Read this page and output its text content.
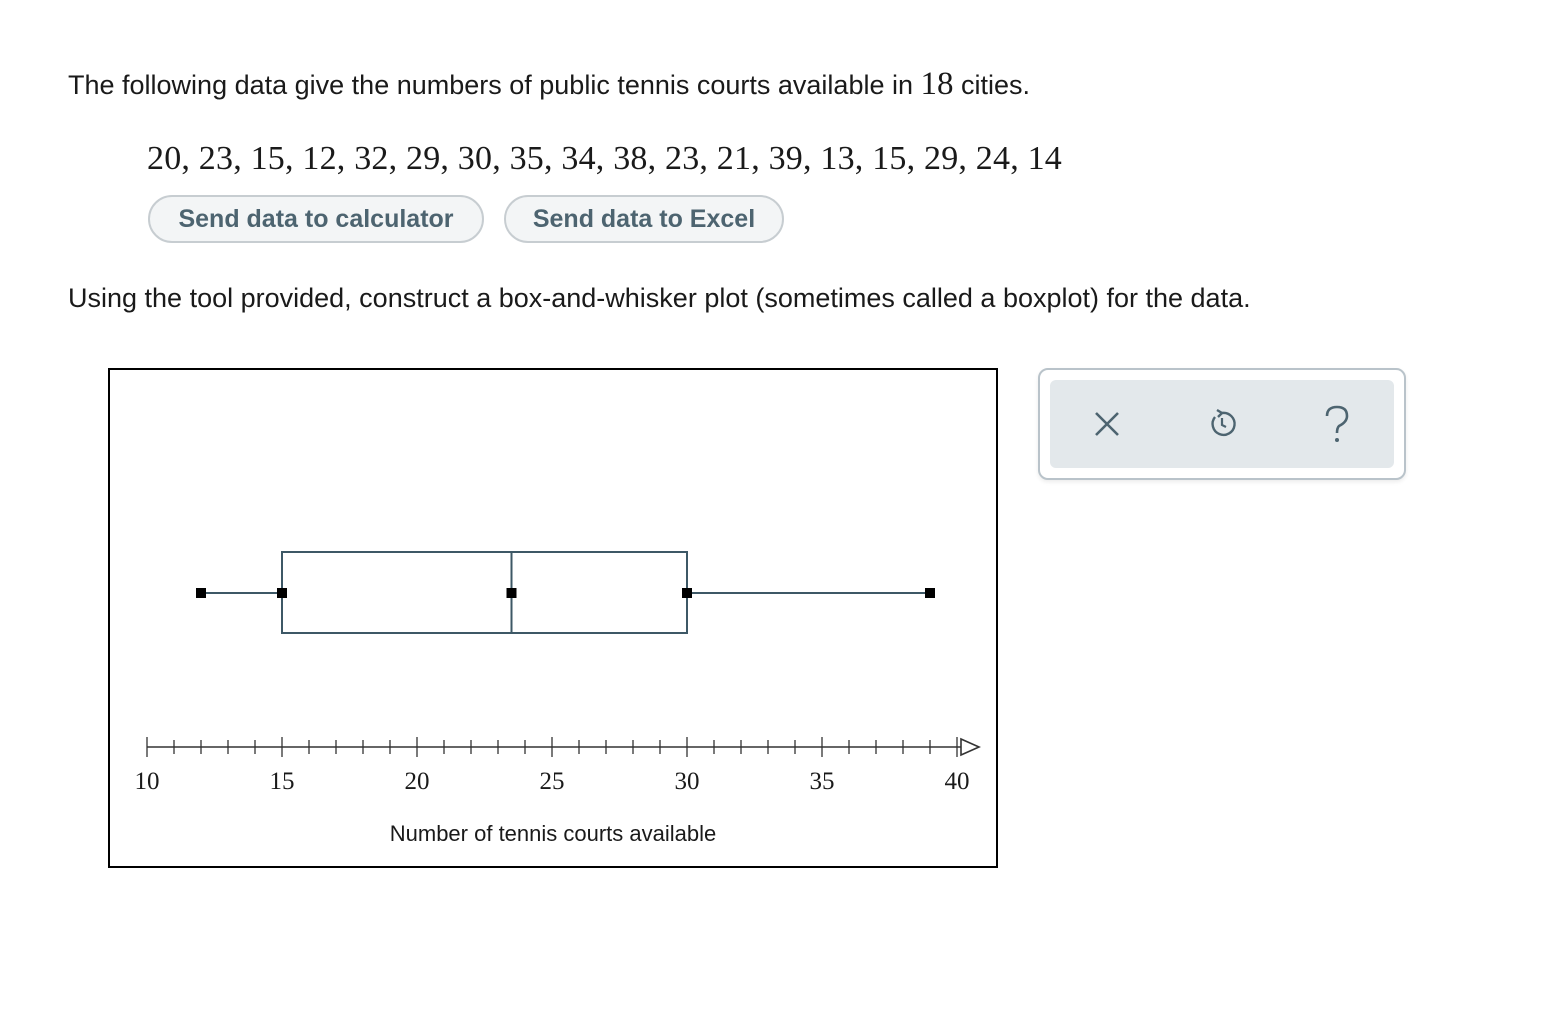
The following data give the numbers of public tennis courts available in 18 cities.
20, 23, 15, 12, 32, 29, 30, 35, 34, 38, 23, 21, 39, 13, 15, 29, 24, 14
Send data to calculator	Send data to Excel
Using the tool provided, construct a box-and-whisker plot (sometimes called a boxplot) for the data.
10	15	20	25	30	35	40
Number of tennis courts available
